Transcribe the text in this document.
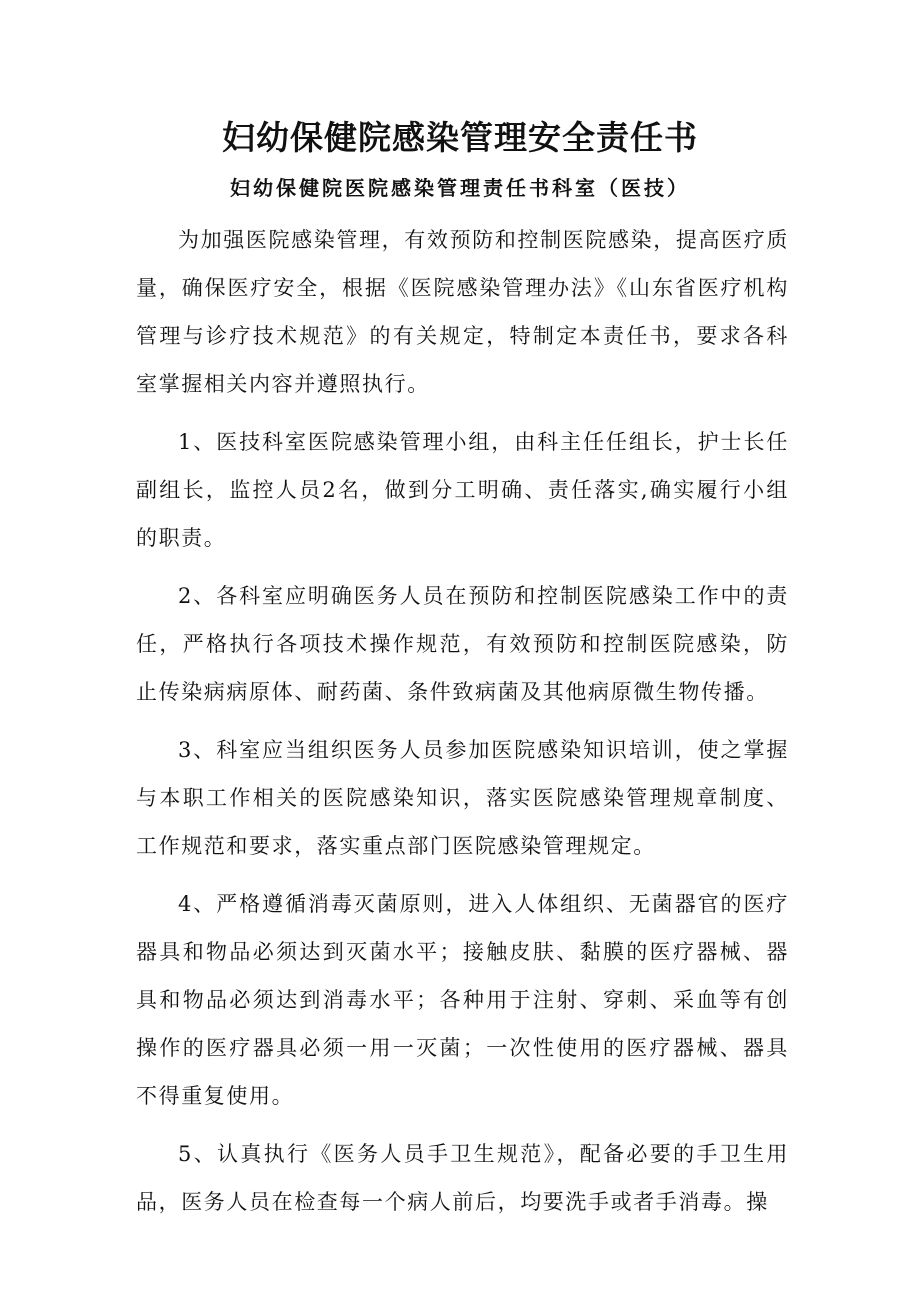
妇幼保健院感染管理安全责任书
妇幼保健院医院感染管理责任书科室（医技）

为加强医院感染管理，有效预防和控制医院感染，提高医疗质量，确保医疗安全，根据《医院感染管理办法》《山东省医疗机构管理与诊疗技术规范》的有关规定，特制定本责任书，要求各科室掌握相关内容并遵照执行。

1、医技科室医院感染管理小组，由科主任任组长，护士长任副组长，监控人员2名，做到分工明确、责任落实,确实履行小组的职责。

2、各科室应明确医务人员在预防和控制医院感染工作中的责任，严格执行各项技术操作规范，有效预防和控制医院感染，防止传染病病原体、耐药菌、条件致病菌及其他病原微生物传播。

3、科室应当组织医务人员参加医院感染知识培训，使之掌握与本职工作相关的医院感染知识，落实医院感染管理规章制度、工作规范和要求，落实重点部门医院感染管理规定。

4、严格遵循消毒灭菌原则，进入人体组织、无菌器官的医疗器具和物品必须达到灭菌水平；接触皮肤、黏膜的医疗器械、器具和物品必须达到消毒水平；各种用于注射、穿刺、采血等有创操作的医疗器具必须一用一灭菌；一次性使用的医疗器械、器具不得重复使用。

5、认真执行《医务人员手卫生规范》，配备必要的手卫生用品，医务人员在检查每一个病人前后，均要洗手或者手消毒。操
